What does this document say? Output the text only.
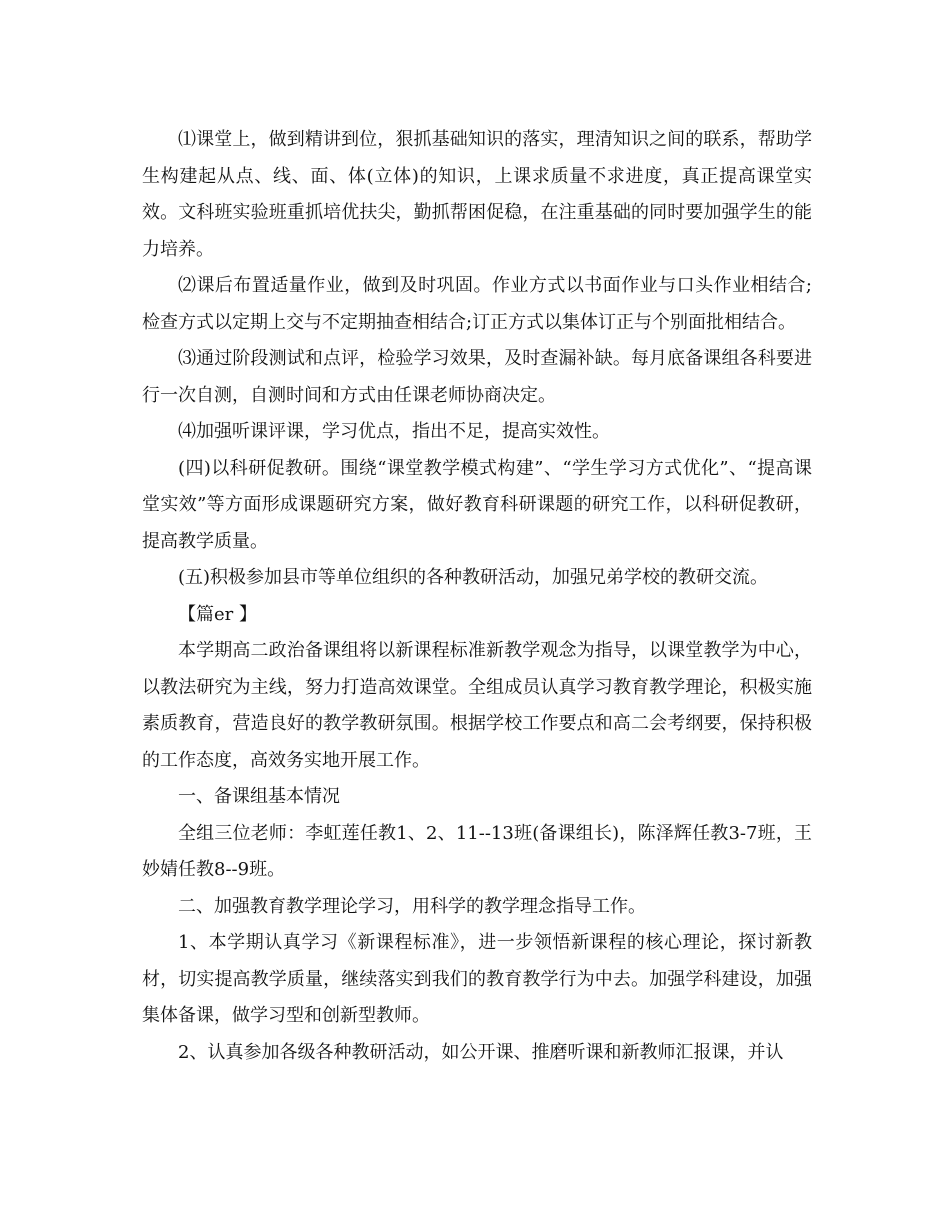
⑴课堂上，做到精讲到位，狠抓基础知识的落实，理清知识之间的联系，帮助学生构建起从点、线、面、体(立体)的知识，上课求质量不求进度，真正提高课堂实效。文科班实验班重抓培优扶尖，勤抓帮困促稳，在注重基础的同时要加强学生的能力培养。

⑵课后布置适量作业，做到及时巩固。作业方式以书面作业与口头作业相结合;检查方式以定期上交与不定期抽查相结合;订正方式以集体订正与个别面批相结合。

⑶通过阶段测试和点评，检验学习效果，及时查漏补缺。每月底备课组各科要进行一次自测，自测时间和方式由任课老师协商决定。

⑷加强听课评课，学习优点，指出不足，提高实效性。

(四)以科研促教研。围绕“课堂教学模式构建”、“学生学习方式优化”、“提高课堂实效”等方面形成课题研究方案，做好教育科研课题的研究工作，以科研促教研，提高教学质量。

(五)积极参加县市等单位组织的各种教研活动，加强兄弟学校的教研交流。

【篇er 】

本学期高二政治备课组将以新课程标准新教学观念为指导，以课堂教学为中心，以教法研究为主线，努力打造高效课堂。全组成员认真学习教育教学理论，积极实施素质教育，营造良好的教学教研氛围。根据学校工作要点和高二会考纲要，保持积极的工作态度，高效务实地开展工作。

一、备课组基本情况

全组三位老师：李虹莲任教1、2、11--13班(备课组长)，陈泽辉任教3-7班，王妙婧任教8--9班。

二、加强教育教学理论学习，用科学的教学理念指导工作。

1、本学期认真学习《新课程标准》，进一步领悟新课程的核心理论，探讨新教材，切实提高教学质量，继续落实到我们的教育教学行为中去。加强学科建设，加强集体备课，做学习型和创新型教师。

2、认真参加各级各种教研活动，如公开课、推磨听课和新教师汇报课，并认
